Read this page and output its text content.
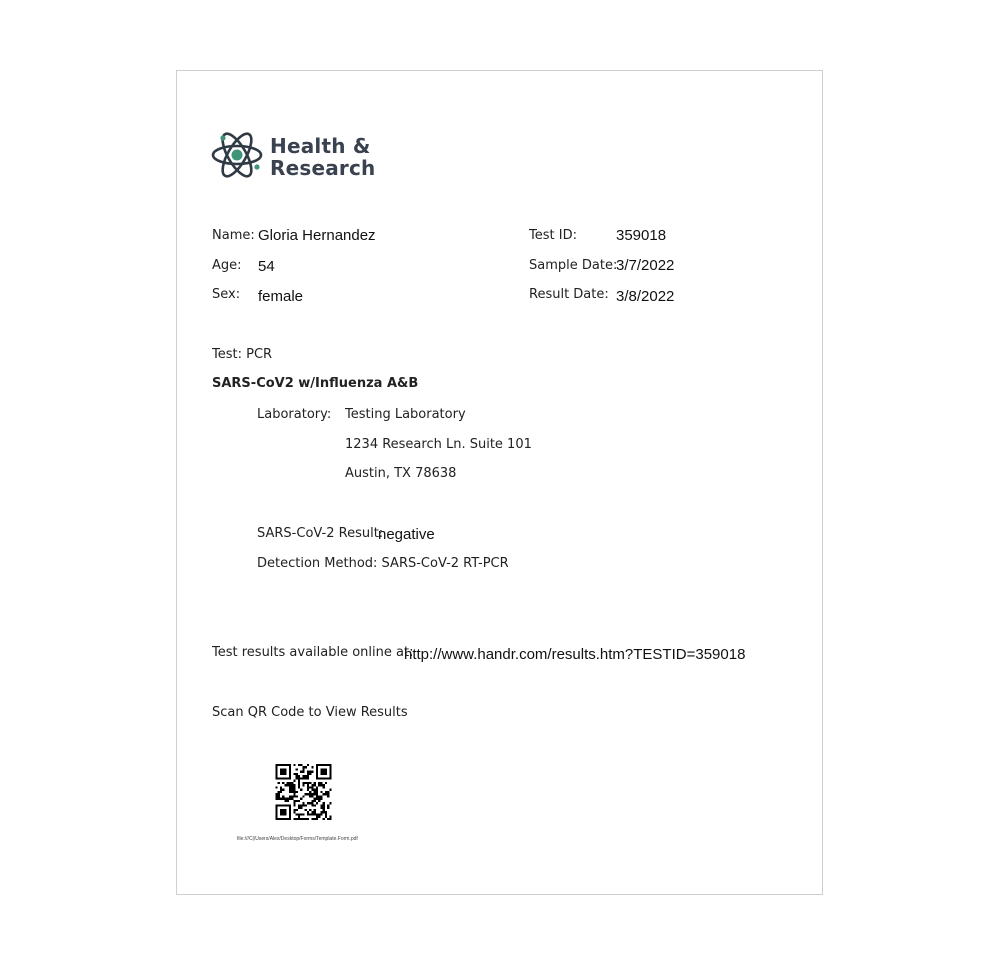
Health &
Research
Name: Gloria Hernandez
Age: 54
Sex: female
Test ID:	359018
Sample Date:
3/7/2022
Result Date: 3/8/2022
Test: PCR
SARS-CoV2 w/Influenza A&B
Laboratory: Testing Laboratory
1234 Research Ln. Suite 101
Austin, TX 78638
SARS-CoV-2 Result:
negative
Detection Method: SARS-CoV-2 RT-PCR
Test results available online at:
http://www.handr.com/results.htm?TESTID=359018
Scan QR Code to View Results
file:///C|/Users/Alex/Desktop/Forms/Template.Form.pdf
